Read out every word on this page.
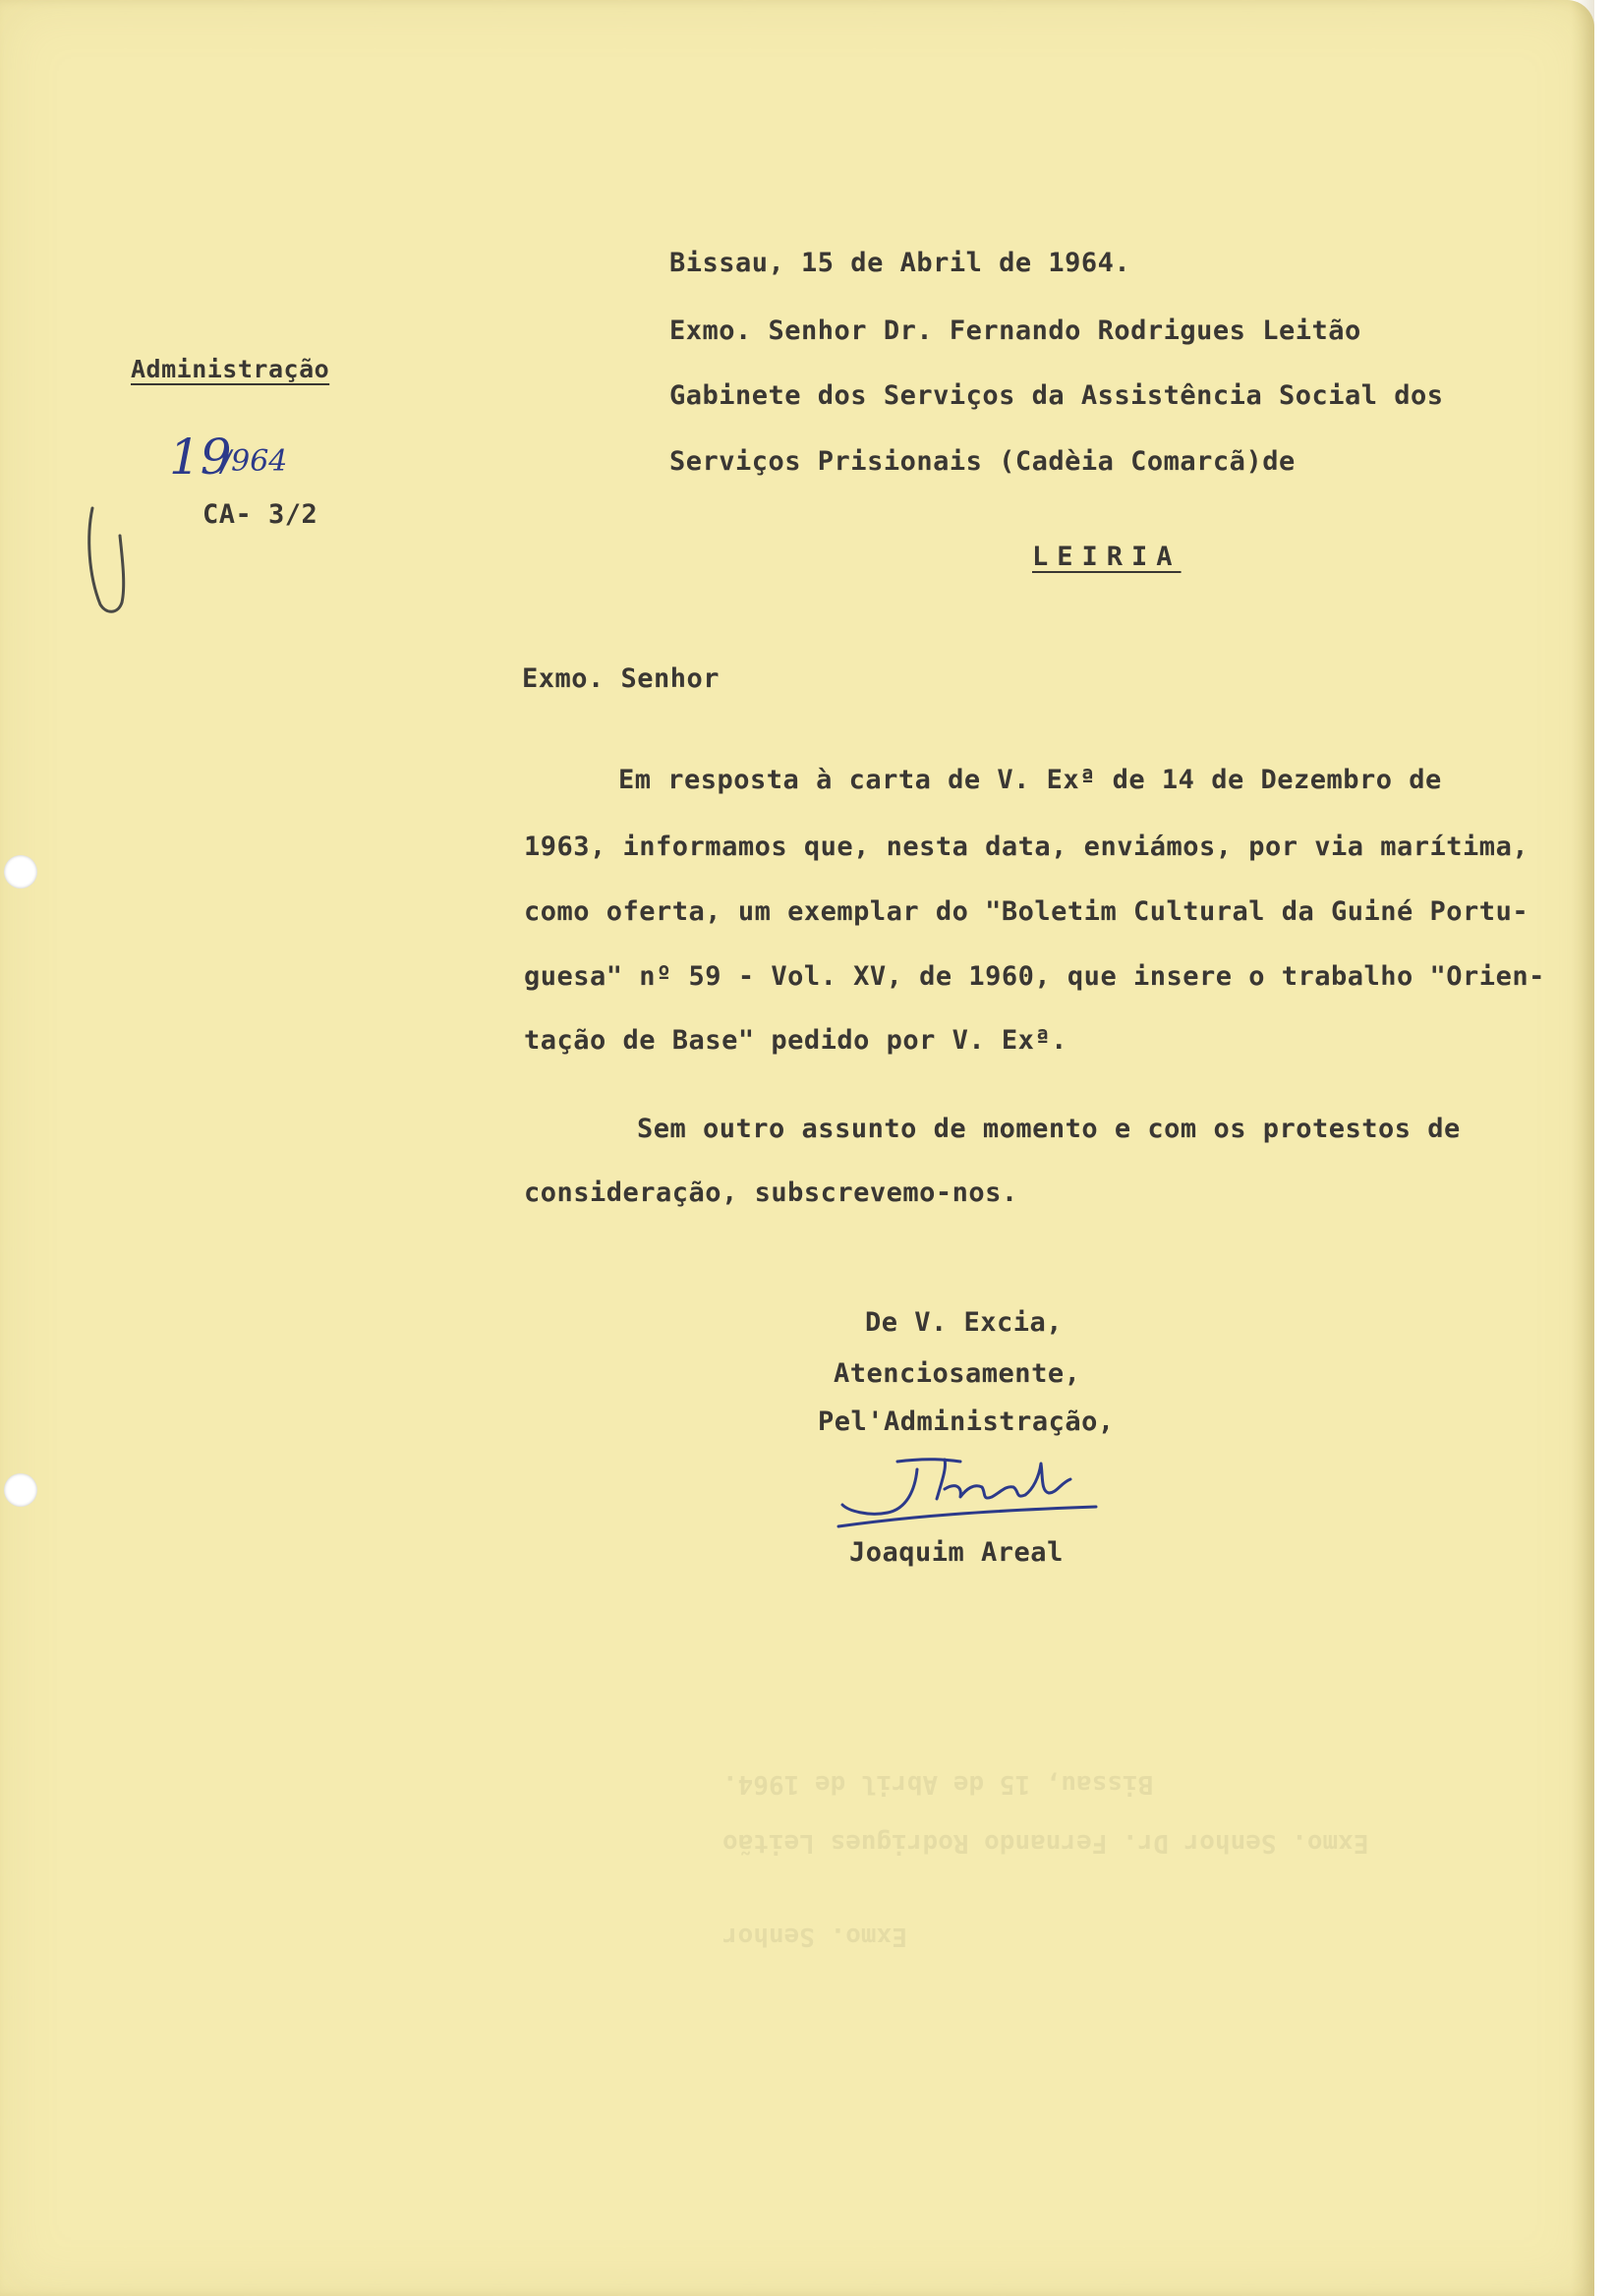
Administração
19
/964
CA- 3/2
Bissau, 15 de Abril de 1964.
Exmo. Senhor Dr. Fernando Rodrigues Leitão
Gabinete dos Serviços da Assistência Social dos
Serviços Prisionais (Cadèia Comarcã)de
LEIRIA
Exmo. Senhor
Em resposta à carta de V. Exª de 14 de Dezembro de
1963, informamos que, nesta data, enviámos, por via marítima,
como oferta, um exemplar do "Boletim Cultural da Guiné Portu-
guesa" nº 59 - Vol. XV, de 1960, que insere o trabalho "Orien-
tação de Base" pedido por V. Exª.
Sem outro assunto de momento e com os protestos de
consideração, subscrevemo-nos.
De V. Excia,
Atenciosamente,
Pel'Administração,
Joaquim Areal
Bissau, 15 de Abril de 1964.
Exmo. Senhor Dr. Fernando Rodrigues Leitão
Exmo. Senhor
